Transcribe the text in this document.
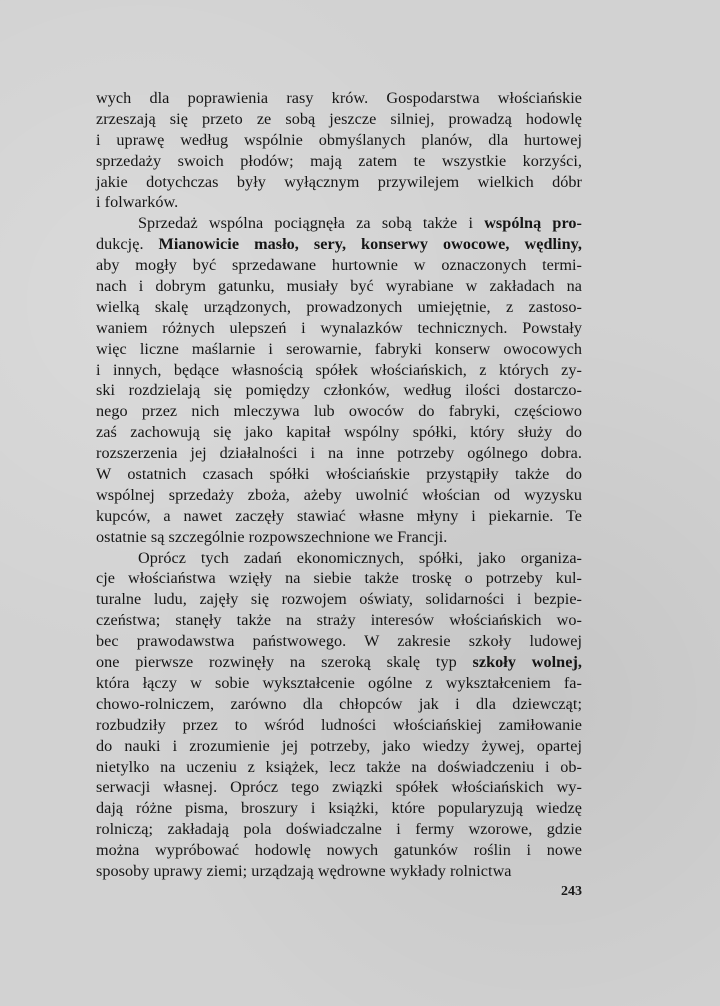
wych dla poprawienia rasy krów. Gospodarstwa włościańskie
zrzeszają się przeto ze sobą jeszcze silniej, prowadzą hodowlę
i uprawę według wspólnie obmyślanych planów, dla hurtowej
sprzedaży swoich płodów; mają zatem te wszystkie korzyści,
jakie dotychczas były wyłącznym przywilejem wielkich dóbr
i folwarków.
Sprzedaż wspólna pociągnęła za sobą także i wspólną pro-
dukcję. Mianowicie masło, sery, konserwy owocowe, wędliny,
aby mogły być sprzedawane hurtownie w oznaczonych termi-
nach i dobrym gatunku, musiały być wyrabiane w zakładach na
wielką skalę urządzonych, prowadzonych umiejętnie, z zastoso-
waniem różnych ulepszeń i wynalazków technicznych. Powstały
więc liczne maślarnie i serowarnie, fabryki konserw owocowych
i innych, będące własnością spółek włościańskich, z których zy-
ski rozdzielają się pomiędzy członków, według ilości dostarczo-
nego przez nich mleczywa lub owoców do fabryki, częściowo
zaś zachowują się jako kapitał wspólny spółki, który służy do
rozszerzenia jej działalności i na inne potrzeby ogólnego dobra.
W ostatnich czasach spółki włościańskie przystąpiły także do
wspólnej sprzedaży zboża, ażeby uwolnić włościan od wyzysku
kupców, a nawet zaczęły stawiać własne młyny i piekarnie. Te
ostatnie są szczególnie rozpowszechnione we Francji.
Oprócz tych zadań ekonomicznych, spółki, jako organiza-
cje włościaństwa wzięły na siebie także troskę o potrzeby kul-
turalne ludu, zajęły się rozwojem oświaty, solidarności i bezpie-
czeństwa; stanęły także na straży interesów włościańskich wo-
bec prawodawstwa państwowego. W zakresie szkoły ludowej
one pierwsze rozwinęły na szeroką skalę typ szkoły wolnej,
która łączy w sobie wykształcenie ogólne z wykształceniem fa-
chowo-rolniczem, zarówno dla chłopców jak i dla dziewcząt;
rozbudziły przez to wśród ludności włościańskiej zamiłowanie
do nauki i zrozumienie jej potrzeby, jako wiedzy żywej, opartej
nietylko na uczeniu z książek, lecz także na doświadczeniu i ob-
serwacji własnej. Oprócz tego związki spółek włościańskich wy-
dają różne pisma, broszury i książki, które popularyzują wiedzę
rolniczą; zakładają pola doświadczalne i fermy wzorowe, gdzie
można wypróbować hodowlę nowych gatunków roślin i nowe
sposoby uprawy ziemi; urządzają wędrowne wykłady rolnictwa
243
